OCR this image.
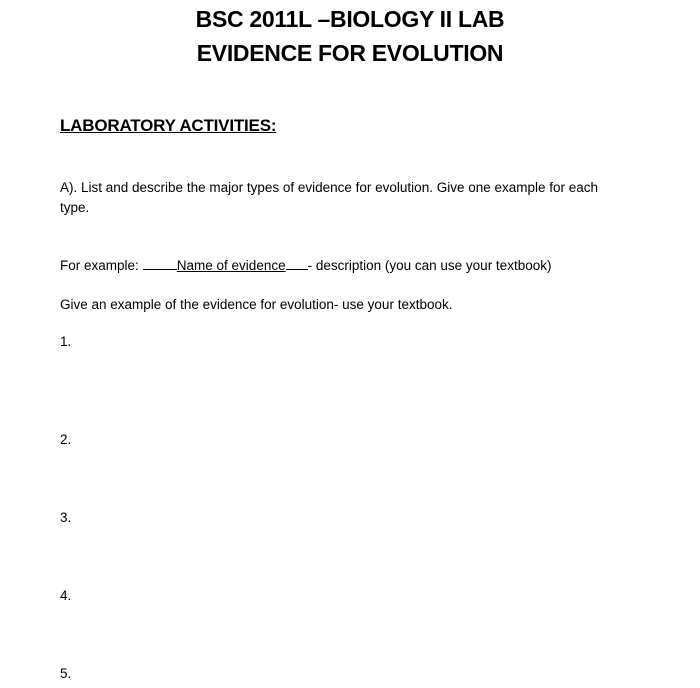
BSC 2011L –BIOLOGY II LAB
EVIDENCE FOR EVOLUTION
LABORATORY ACTIVITIES:
A). List and describe the major types of evidence for evolution. Give one example for each type.
For example:	Name of evidence - description (you can use your textbook)
Give an example of the evidence for evolution- use your textbook.
1.
2.
3.
4.
5.
